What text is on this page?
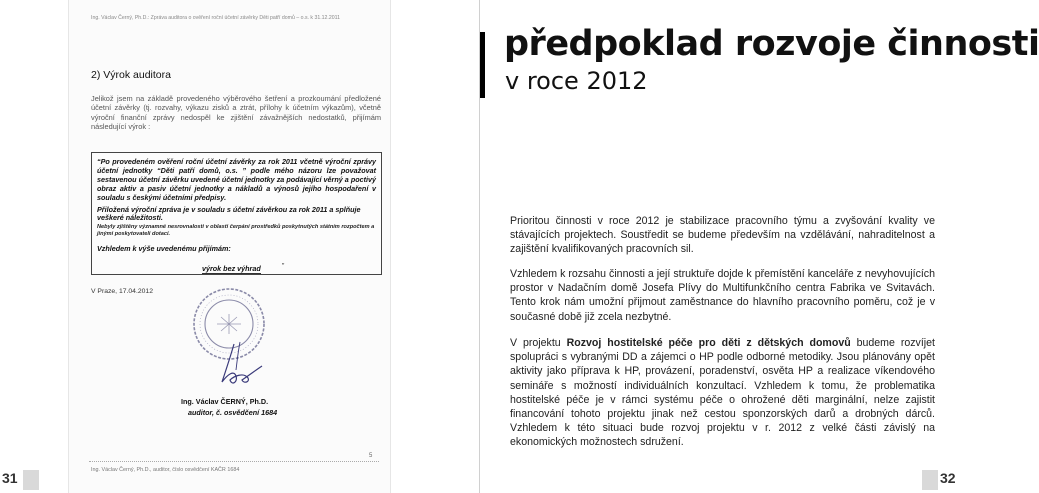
Ing. Václav Černý, Ph.D.: Zpráva auditora o ověření roční účetní závěrky Děti patří domů – o.s. k 31.12.2011
2) Výrok auditora
Jelikož jsem na základě provedeného výběrového šetření a prozkoumání předložené účetní závěrky (tj. rozvahy, výkazu zisků a ztrát, přílohy k účetním výkazům), včetně výroční finanční zprávy nedospěl ke zjištění závažnějších nedostatků, přijímám následující výrok :
“Po provedeném ověření roční účetní závěrky za rok 2011 včetně výroční zprávy účetní jednotky “Děti patří domů, o.s. ” podle mého názoru lze považovat sestavenou účetní závěrku uvedené účetní jednotky za podávající věrný a poctivý obraz aktiv a pasiv účetní jednotky a nákladů a výnosů jejího hospodaření v souladu s českými účetními předpisy.
Přiložená výroční zpráva je v souladu s účetní závěrkou za rok 2011 a splňuje veškeré náležitosti.
Nebyly zjištěny významné nesrovnalosti v oblasti čerpání prostředků poskytnutých státním rozpočtem a jinými poskytovateli dotací.
Vzhledem k výše uvedenému přijímám:
výrok bez výhrad	”
V Praze, 17.04.2012
Ing. Václav ČERNÝ, Ph.D.
auditor, č. osvědčení 1684
5
Ing. Václav Černý, Ph.D., auditor, číslo osvědčení KAČR 1684
31	32
předpoklad rozvoje činnosti
v roce 2012

Prioritou činnosti v roce 2012 je stabilizace pracovního týmu a zvyšování kvality ve stávajících projektech. Soustředit se budeme především na vzdělávání, nahraditelnost a zajištění kvalifikovaných pracovních sil.

Vzhledem k rozsahu činnosti a její struktuře dojde k přemístění kanceláře z nevyhovujících prostor v Nadačním domě Josefa Plívy do Multifunkčního centra Fabrika ve Svitavách. Tento krok nám umožní přijmout zaměstnance do hlavního pracovního poměru, což je v současné době již zcela nezbytné.

V projektu Rozvoj hostitelské péče pro děti z dětských domovů budeme rozvíjet spolupráci s vybranými DD a zájemci o HP podle odborné metodiky. Jsou plánovány opět aktivity jako příprava k HP, provázení, poradenství, osvěta HP a realizace víkendového semináře s možností individuálních konzultací. Vzhledem k tomu, že problematika hostitelské péče je v rámci systému péče o ohrožené děti marginální, nelze zajistit financování tohoto projektu jinak než cestou sponzorských darů a drobných dárců. Vzhledem k této situaci bude rozvoj projektu v r. 2012 z velké části závislý na ekonomických možnostech sdružení.
